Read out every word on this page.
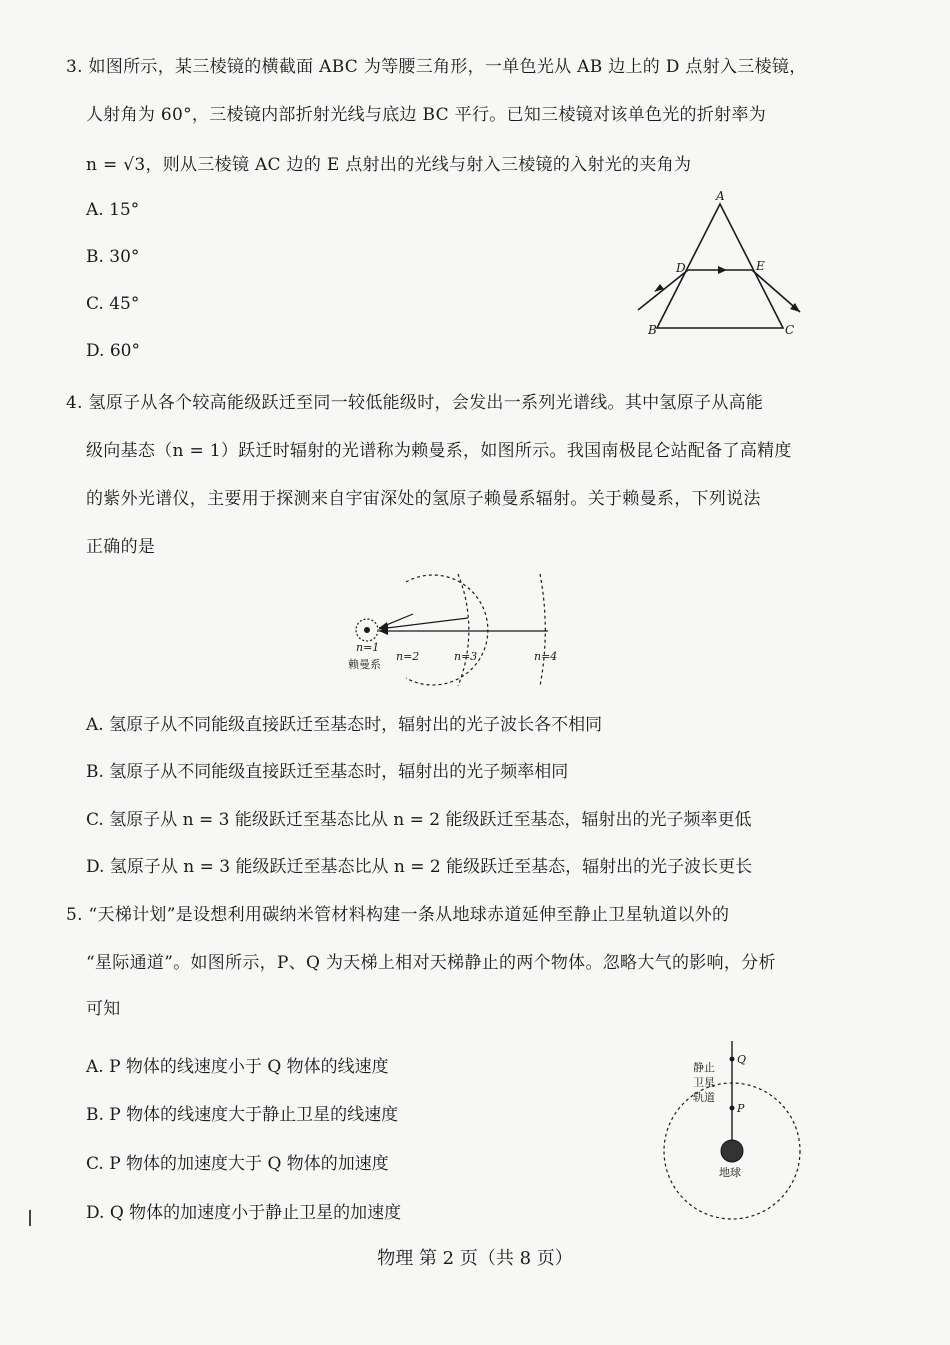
3. 如图所示，某三棱镜的横截面 ABC 为等腰三角形，一单色光从 AB 边上的 D 点射入三棱镜，
人射角为 60°，三棱镜内部折射光线与底边 BC 平行。已知三棱镜对该单色光的折射率为
n = √3，则从三棱镜 AC 边的 E 点射出的光线与射入三棱镜的入射光的夹角为
A. 15°
B. 30°
C. 45°
D. 60°
A
B	C
D	E
4. 氢原子从各个较高能级跃迁至同一较低能级时，会发出一系列光谱线。其中氢原子从高能
级向基态（n = 1）跃迁时辐射的光谱称为赖曼系，如图所示。我国南极昆仑站配备了高精度
的紫外光谱仪，主要用于探测来自宇宙深处的氢原子赖曼系辐射。关于赖曼系，下列说法
正确的是
n=1
赖曼系
n=2	n=3	n=4
A. 氢原子从不同能级直接跃迁至基态时，辐射出的光子波长各不相同
B. 氢原子从不同能级直接跃迁至基态时，辐射出的光子频率相同
C. 氢原子从 n = 3 能级跃迁至基态比从 n = 2 能级跃迁至基态，辐射出的光子频率更低
D. 氢原子从 n = 3 能级跃迁至基态比从 n = 2 能级跃迁至基态，辐射出的光子波长更长
5. “天梯计划”是设想利用碳纳米管材料构建一条从地球赤道延伸至静止卫星轨道以外的
“星际通道”。如图所示，P、Q 为天梯上相对天梯静止的两个物体。忽略大气的影响，分析
可知
A. P 物体的线速度小于 Q 物体的线速度
B. P 物体的线速度大于静止卫星的线速度
C. P 物体的加速度大于 Q 物体的加速度
D. Q 物体的加速度小于静止卫星的加速度
Q
P
静止
卫星
轨道
地球
物理 第 2 页（共 8 页）
